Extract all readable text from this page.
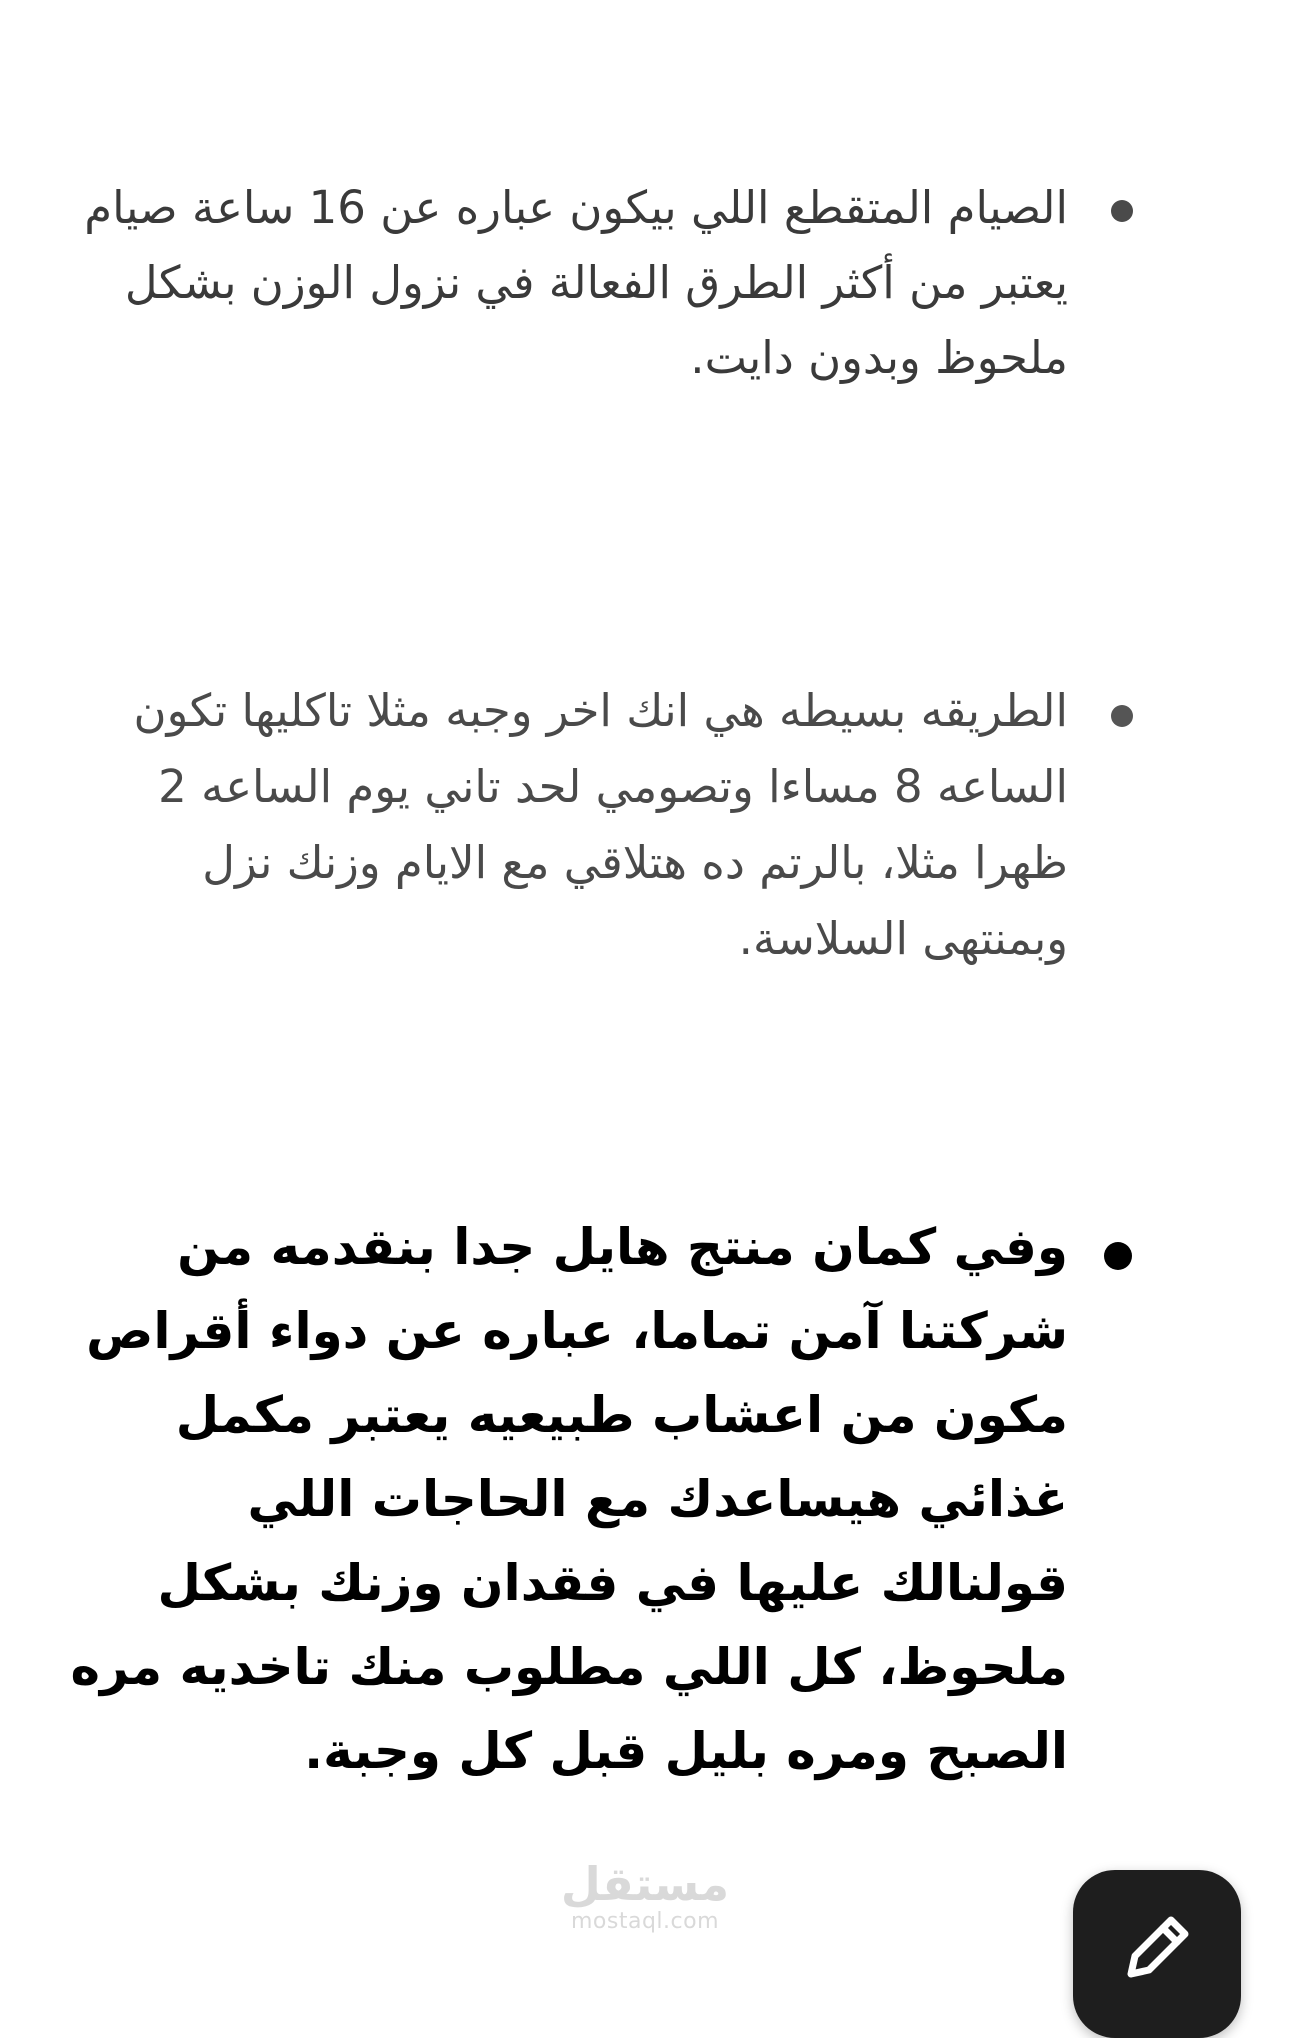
الصيام المتقطع اللي بيكون عباره عن 16 ساعة صيام يعتبر من أكثر الطرق الفعالة في نزول الوزن بشكل ملحوظ وبدون دايت.
الطريقه بسيطه هي انك اخر وجبه مثلا تاكليها تكون الساعه 8 مساءا وتصومي لحد تاني يوم الساعه 2 ظهرا مثلا، بالرتم ده هتلاقي مع الايام وزنك نزل وبمنتهى السلاسة.
وفي كمان منتج هايل جدا بنقدمه من شركتنا آمن تماما، عباره عن دواء أقراص مكون من اعشاب طبيعيه يعتبر مكمل غذائي هيساعدك مع الحاجات اللي قولنالك عليها في فقدان وزنك بشكل ملحوظ، كل اللي مطلوب منك تاخديه مره الصبح ومره بليل قبل كل وجبة.
مستقل
mostaql.com
